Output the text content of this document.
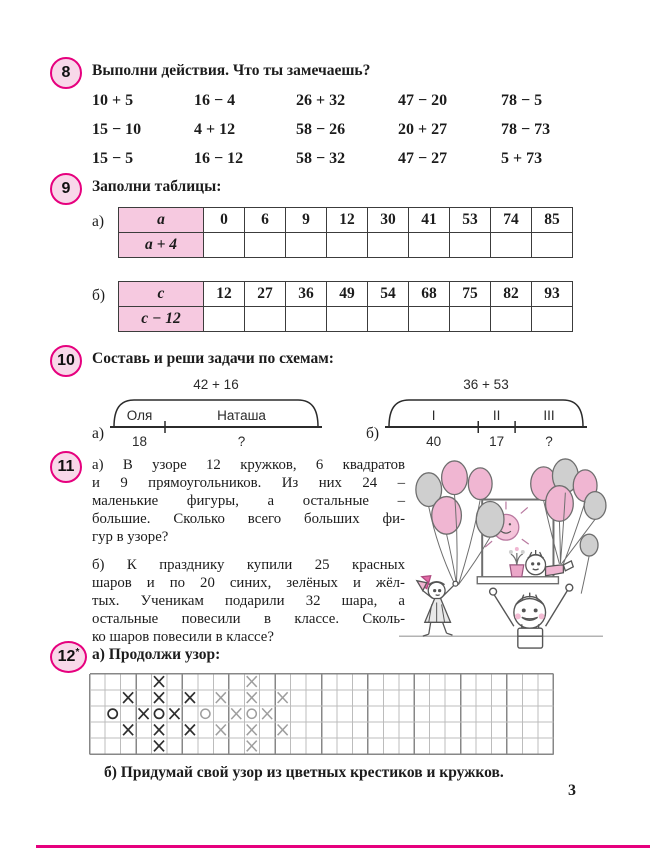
8	Выполни действия. Что ты замечаешь?
10 + 5	16 − 4	26 + 32	47 − 20	78 − 5
15 − 10	4 + 12	58 − 26	20 + 27	78 − 73
15 − 5	16 − 12	58 − 32	47 − 27	5 + 73
9	Заполни таблицы:
а)	a	0	6	9	12	30	41	53	74	85
a + 4									
б)	c	12	27	36	49	54	68	75	82	93
c − 12									
10	Составь и реши задачи по схемам:
а)
42 + 16
Оля
18
Наташа
?	б)
36 + 53
I
40
II
17
III
?
11	а) В узоре 12 кружков, 6 квадратов
и 9 прямоугольников. Из них 24 –
маленькие фигуры, а остальные –
большие. Сколько всего больших фи-
гур в узоре?
б) К празднику купили 25 красных
шаров и по 20 синих, зелёных и жёл-
тых. Ученикам подарили 32 шара, а
остальные повесили в классе. Сколь-
ко шаров повесили в классе?
12 * а) Продолжи узор:
б) Придумай свой узор из цветных крестиков и кружков.
3
